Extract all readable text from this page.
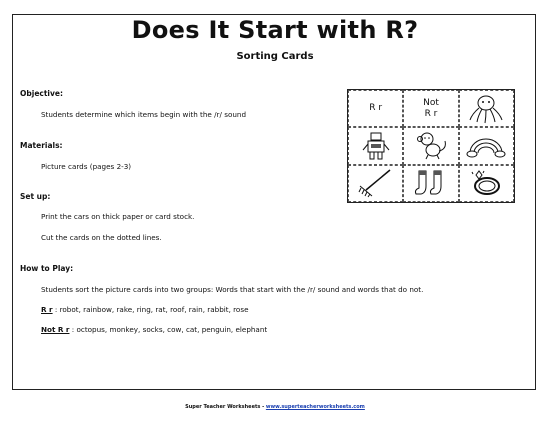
Does It Start with R?
Sorting Cards
Objective:
Students determine which items begin with the /r/ sound
Materials:
Picture cards (pages 2-3)
Set up:
Print the cars on thick paper or card stock.
Cut the cards on the dotted lines.
How to Play:
Students sort the picture cards into two groups: Words that start with the /r/ sound and words that do not.
R r : robot, rainbow, rake, ring, rat, roof, rain, rabbit, rose
Not R r : octopus, monkey, socks, cow, cat, penguin, elephant
R r
Not
R r
Super Teacher Worksheets - www.superteacherworksheets.com
